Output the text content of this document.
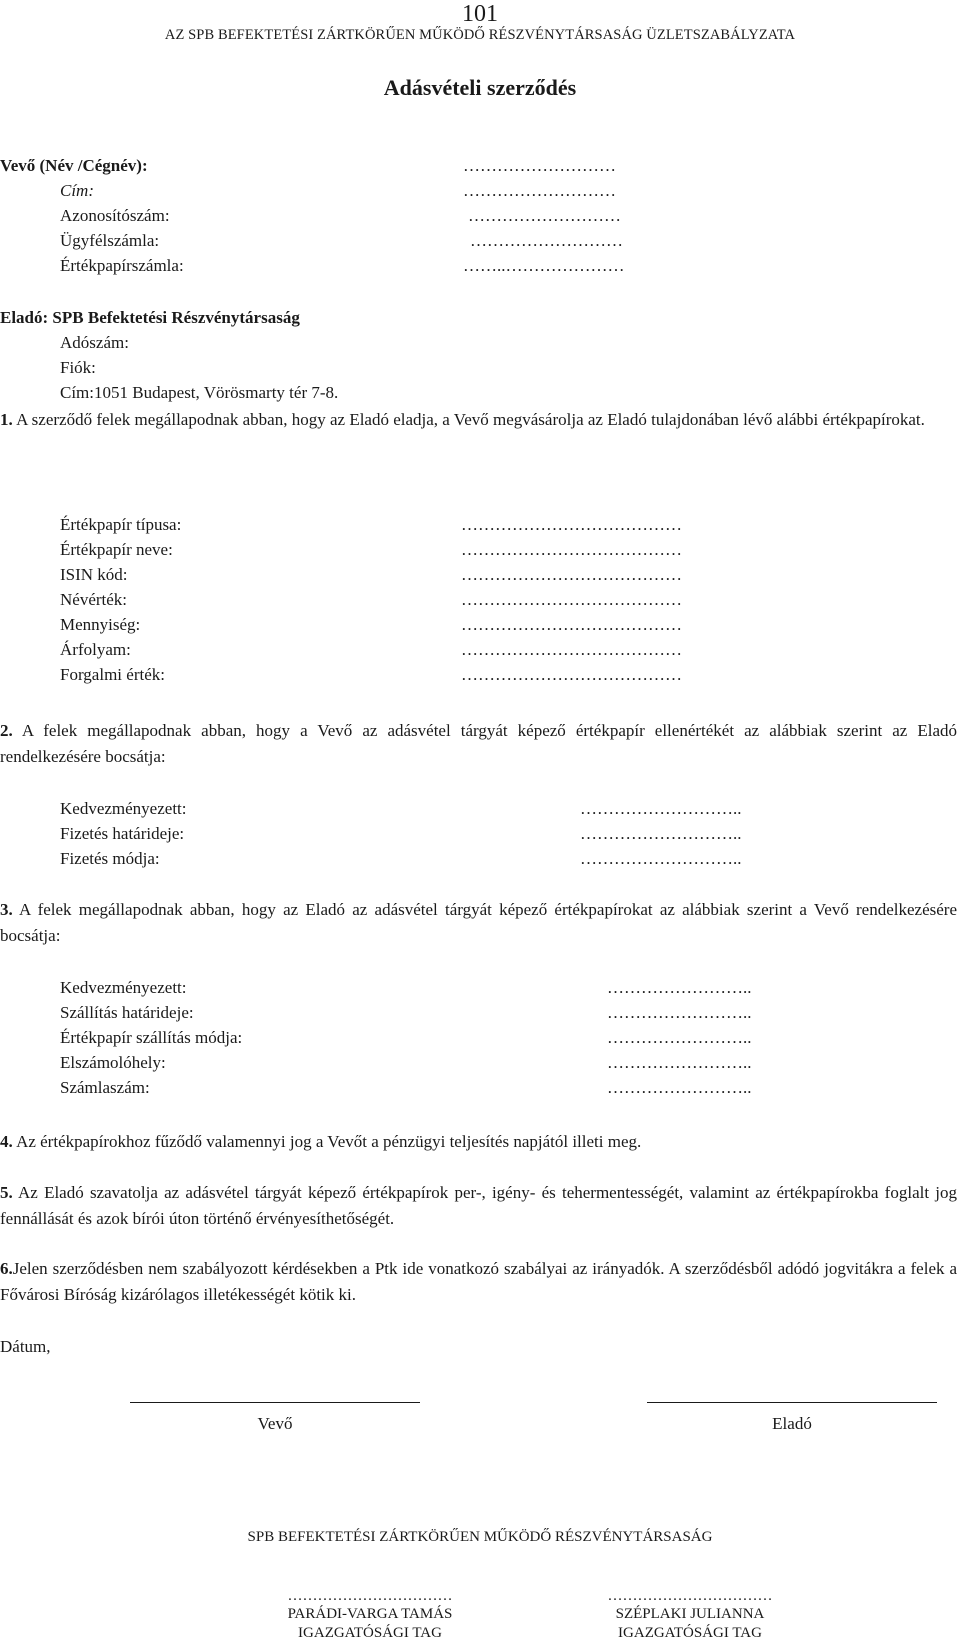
101
AZ SPB BEFEKTETÉSI ZÁRTKÖRŰEN MŰKÖDŐ RÉSZVÉNYTÁRSASÁG ÜZLETSZABÁLYZATA
Adásvételi szerződés
Vevő (Név /Cégnév):
Cím:
Azonosítószám:
Ügyfélszámla:
Értékpapírszámla:
………………………
………………………
………………………
………………………
……..…………………
Eladó: SPB Befektetési Részvénytársaság
Adószám:
Fiók:
Cím:1051 Budapest, Vörösmarty tér 7-8.
1. A szerződő felek megállapodnak abban, hogy az Eladó eladja, a Vevő megvásárolja az Eladó tulajdonában lévő alábbi értékpapírokat.
Értékpapír típusa:
Értékpapír neve:
ISIN kód:
Névérték:
Mennyiség:
Árfolyam:
Forgalmi érték:
…………………………………
…………………………………
…………………………………
…………………………………
…………………………………
…………………………………
…………………………………
2. A felek megállapodnak abban, hogy a Vevő az adásvétel tárgyát képező értékpapír ellenértékét az alábbiak szerint az Eladó rendelkezésére bocsátja:
Kedvezményezett:
Fizetés határideje:
Fizetés módja:
………………………..
………………………..
………………………..
3. A felek megállapodnak abban, hogy az Eladó az adásvétel tárgyát képező értékpapírokat az alábbiak szerint a Vevő rendelkezésére bocsátja:
Kedvezményezett:
Szállítás határideje:
Értékpapír szállítás módja:
Elszámolóhely:
Számlaszám:
……………………..
……………………..
……………………..
……………………..
……………………..
4. Az értékpapírokhoz fűződő valamennyi jog a Vevőt a pénzügyi teljesítés napjától illeti meg.
5. Az Eladó szavatolja az adásvétel tárgyát képező értékpapírok per-, igény- és tehermentességét, valamint az értékpapírokba foglalt jog fennállását és azok bírói úton történő érvényesíthetőségét.
6.Jelen szerződésben nem szabályozott kérdésekben a Ptk ide vonatkozó szabályai az irányadók. A szerződésből adódó jogvitákra a felek a Fővárosi Bíróság kizárólagos illetékességét kötik ki.
Dátum,
Vevő	Eladó
SPB BEFEKTETÉSI ZÁRTKÖRŰEN MŰKÖDŐ RÉSZVÉNYTÁRSASÁG
……………………………
PARÁDI-VARGA TAMÁS
IGAZGATÓSÁGI TAG
……………………………
SZÉPLAKI JULIANNA
IGAZGATÓSÁGI TAG
